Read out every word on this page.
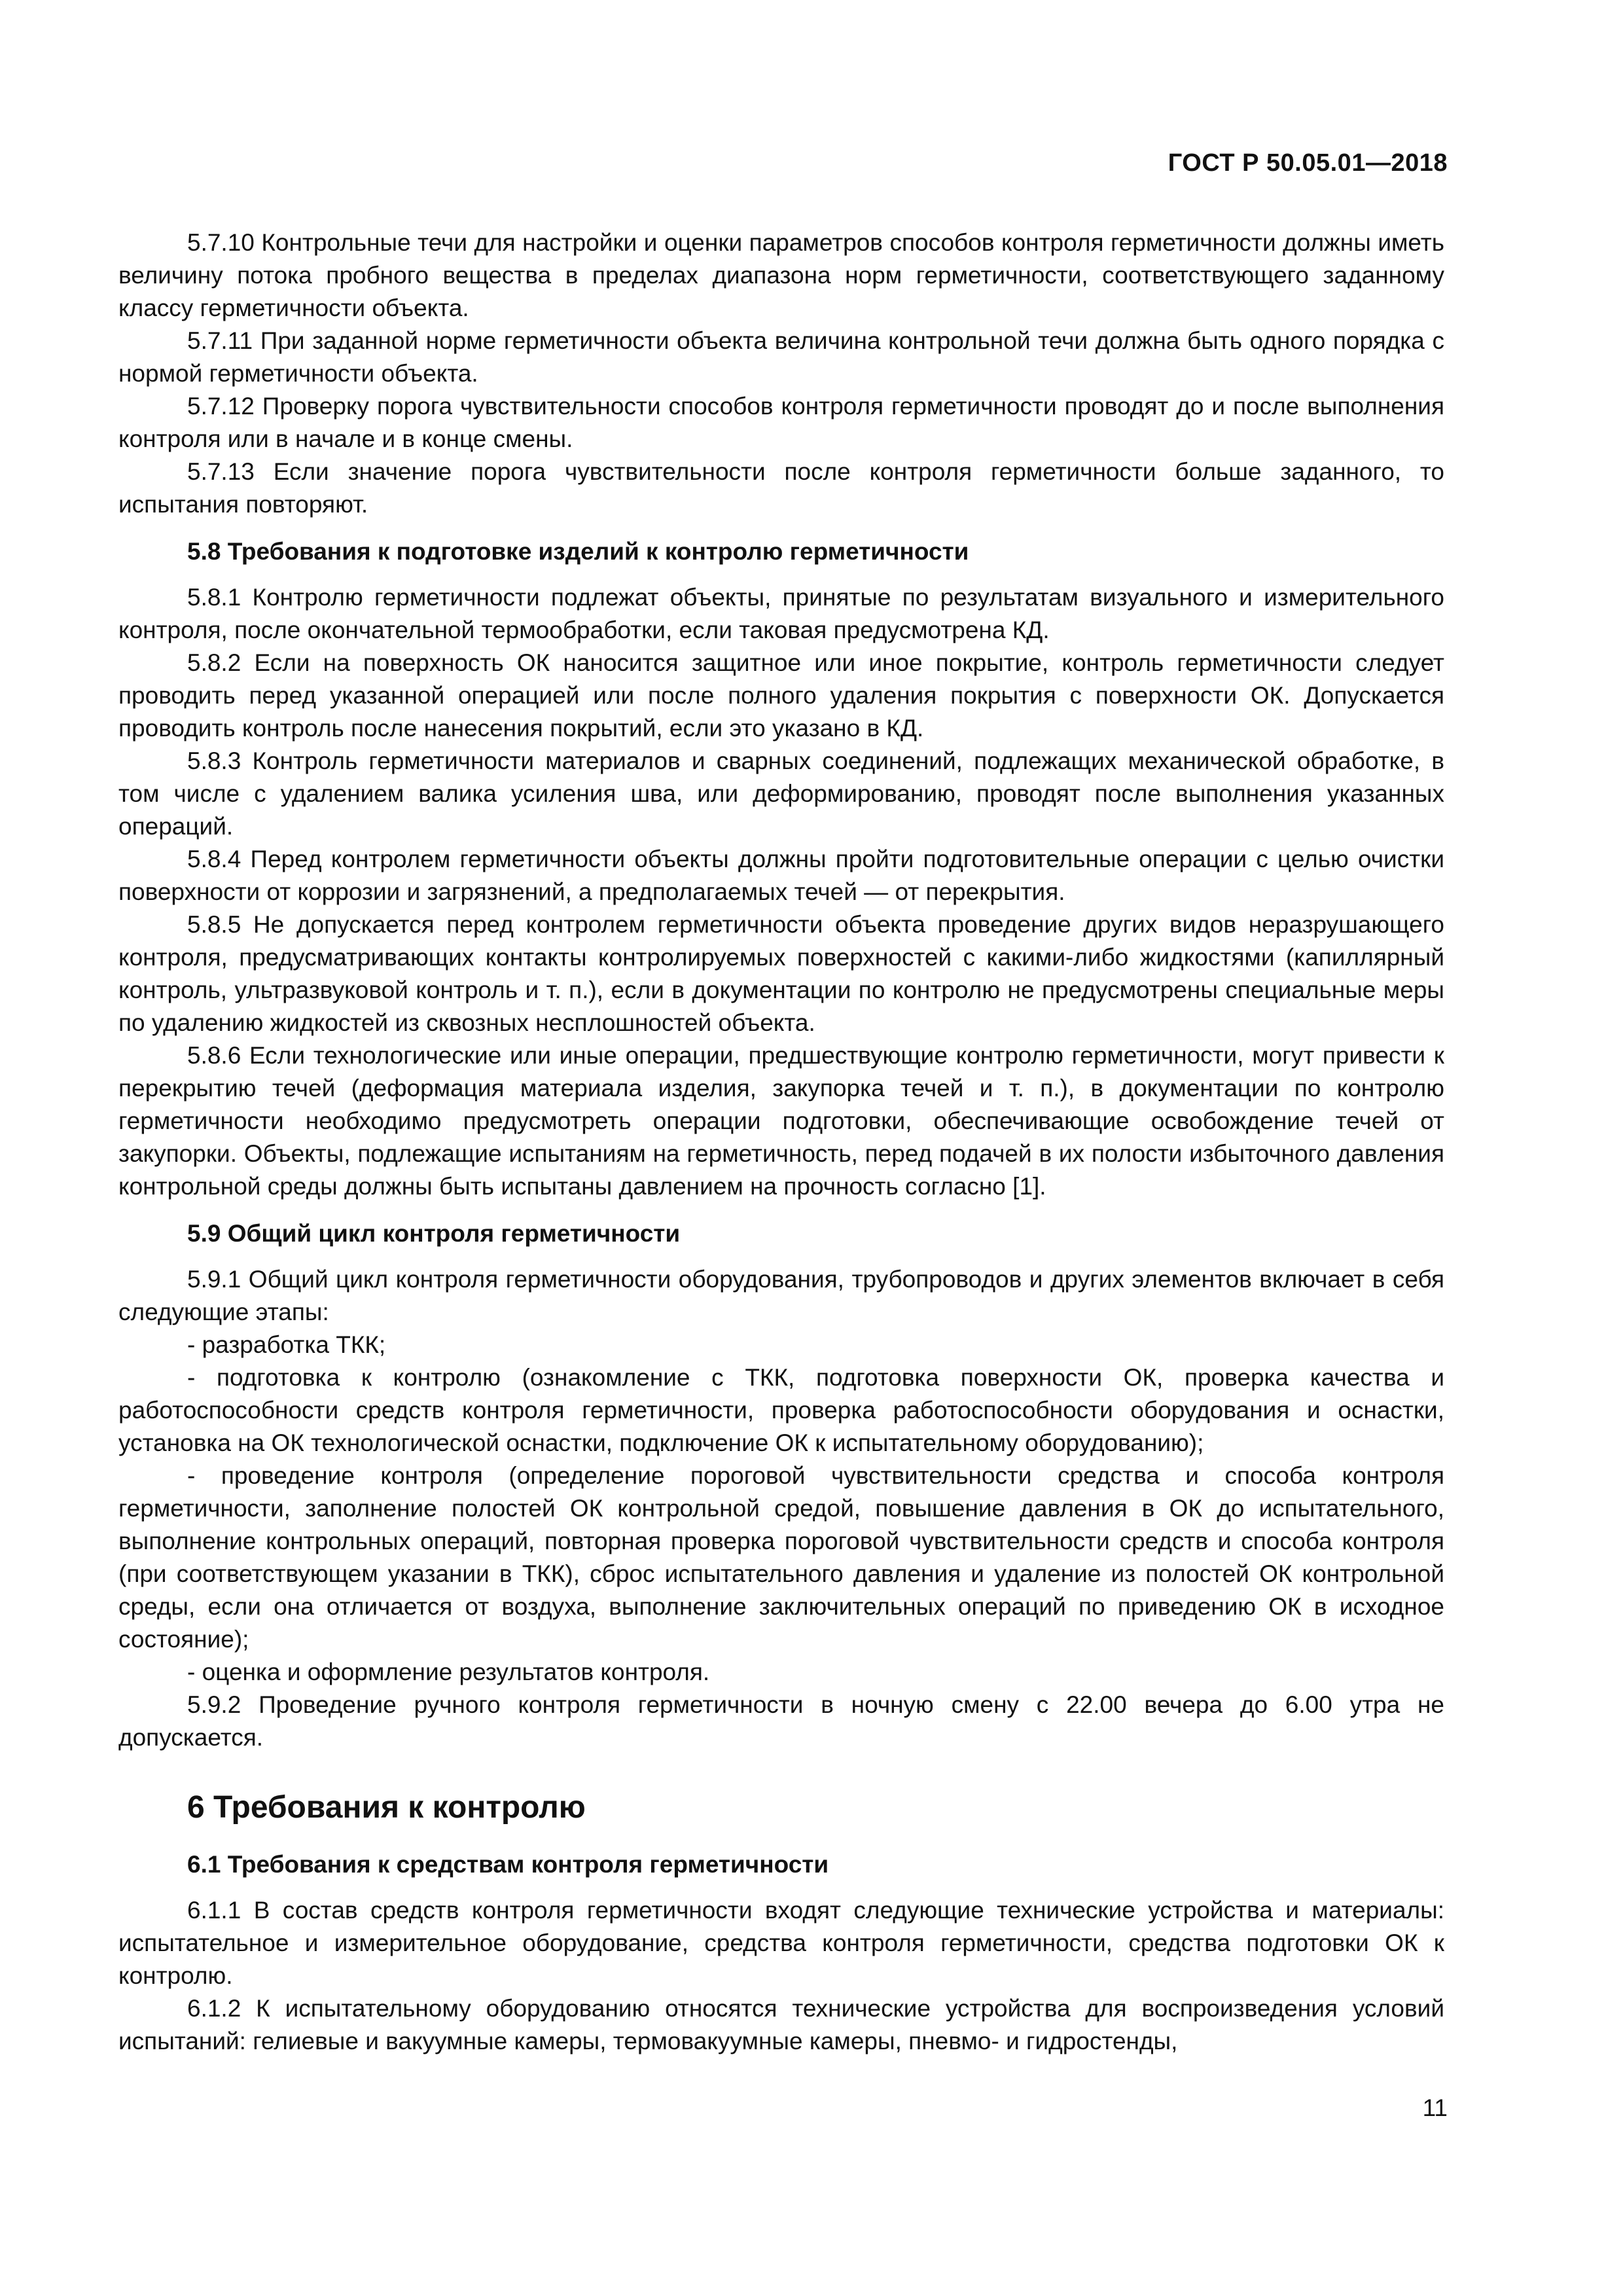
ГОСТ Р 50.05.01—2018

5.7.10 Контрольные течи для настройки и оценки параметров способов контроля герметичности должны иметь величину потока пробного вещества в пределах диапазона норм герметичности, соответствующего заданному классу герметичности объекта.

5.7.11 При заданной норме герметичности объекта величина контрольной течи должна быть одного порядка с нормой герметичности объекта.

5.7.12 Проверку порога чувствительности способов контроля герметичности проводят до и после выполнения контроля или в начале и в конце смены.

5.7.13 Если значение порога чувствительности после контроля герметичности больше заданного, то испытания повторяют.

5.8 Требования к подготовке изделий к контролю герметичности

5.8.1 Контролю герметичности подлежат объекты, принятые по результатам визуального и измерительного контроля, после окончательной термообработки, если таковая предусмотрена КД.

5.8.2 Если на поверхность ОК наносится защитное или иное покрытие, контроль герметичности следует проводить перед указанной операцией или после полного удаления покрытия с поверхности ОК. Допускается проводить контроль после нанесения покрытий, если это указано в КД.

5.8.3 Контроль герметичности материалов и сварных соединений, подлежащих механической обработке, в том числе с удалением валика усиления шва, или деформированию, проводят после выполнения указанных операций.

5.8.4 Перед контролем герметичности объекты должны пройти подготовительные операции с целью очистки поверхности от коррозии и загрязнений, а предполагаемых течей — от перекрытия.

5.8.5 Не допускается перед контролем герметичности объекта проведение других видов неразрушающего контроля, предусматривающих контакты контролируемых поверхностей с какими-либо жидкостями (капиллярный контроль, ультразвуковой контроль и т. п.), если в документации по контролю не предусмотрены специальные меры по удалению жидкостей из сквозных несплошностей объекта.

5.8.6 Если технологические или иные операции, предшествующие контролю герметичности, могут привести к перекрытию течей (деформация материала изделия, закупорка течей и т. п.), в документации по контролю герметичности необходимо предусмотреть операции подготовки, обеспечивающие освобождение течей от закупорки. Объекты, подлежащие испытаниям на герметичность, перед подачей в их полости избыточного давления контрольной среды должны быть испытаны давлением на прочность согласно [1].

5.9 Общий цикл контроля герметичности

5.9.1 Общий цикл контроля герметичности оборудования, трубопроводов и других элементов включает в себя следующие этапы:

- разработка ТКК;

- подготовка к контролю (ознакомление с ТКК, подготовка поверхности ОК, проверка качества и работоспособности средств контроля герметичности, проверка работоспособности оборудования и оснастки, установка на ОК технологической оснастки, подключение ОК к испытательному оборудованию);

- проведение контроля (определение пороговой чувствительности средства и способа контроля герметичности, заполнение полостей ОК контрольной средой, повышение давления в ОК до испытательного, выполнение контрольных операций, повторная проверка пороговой чувствительности средств и способа контроля (при соответствующем указании в ТКК), сброс испытательного давления и удаление из полостей ОК контрольной среды, если она отличается от воздуха, выполнение заключительных операций по приведению ОК в исходное состояние);

- оценка и оформление результатов контроля.

5.9.2 Проведение ручного контроля герметичности в ночную смену с 22.00 вечера до 6.00 утра не допускается.

6 Требования к контролю
6.1 Требования к средствам контроля герметичности

6.1.1 В состав средств контроля герметичности входят следующие технические устройства и материалы: испытательное и измерительное оборудование, средства контроля герметичности, средства подготовки ОК к контролю.

6.1.2 К испытательному оборудованию относятся технические устройства для воспроизведения условий испытаний: гелиевые и вакуумные камеры, термовакуумные камеры, пневмо- и гидростенды,

11
